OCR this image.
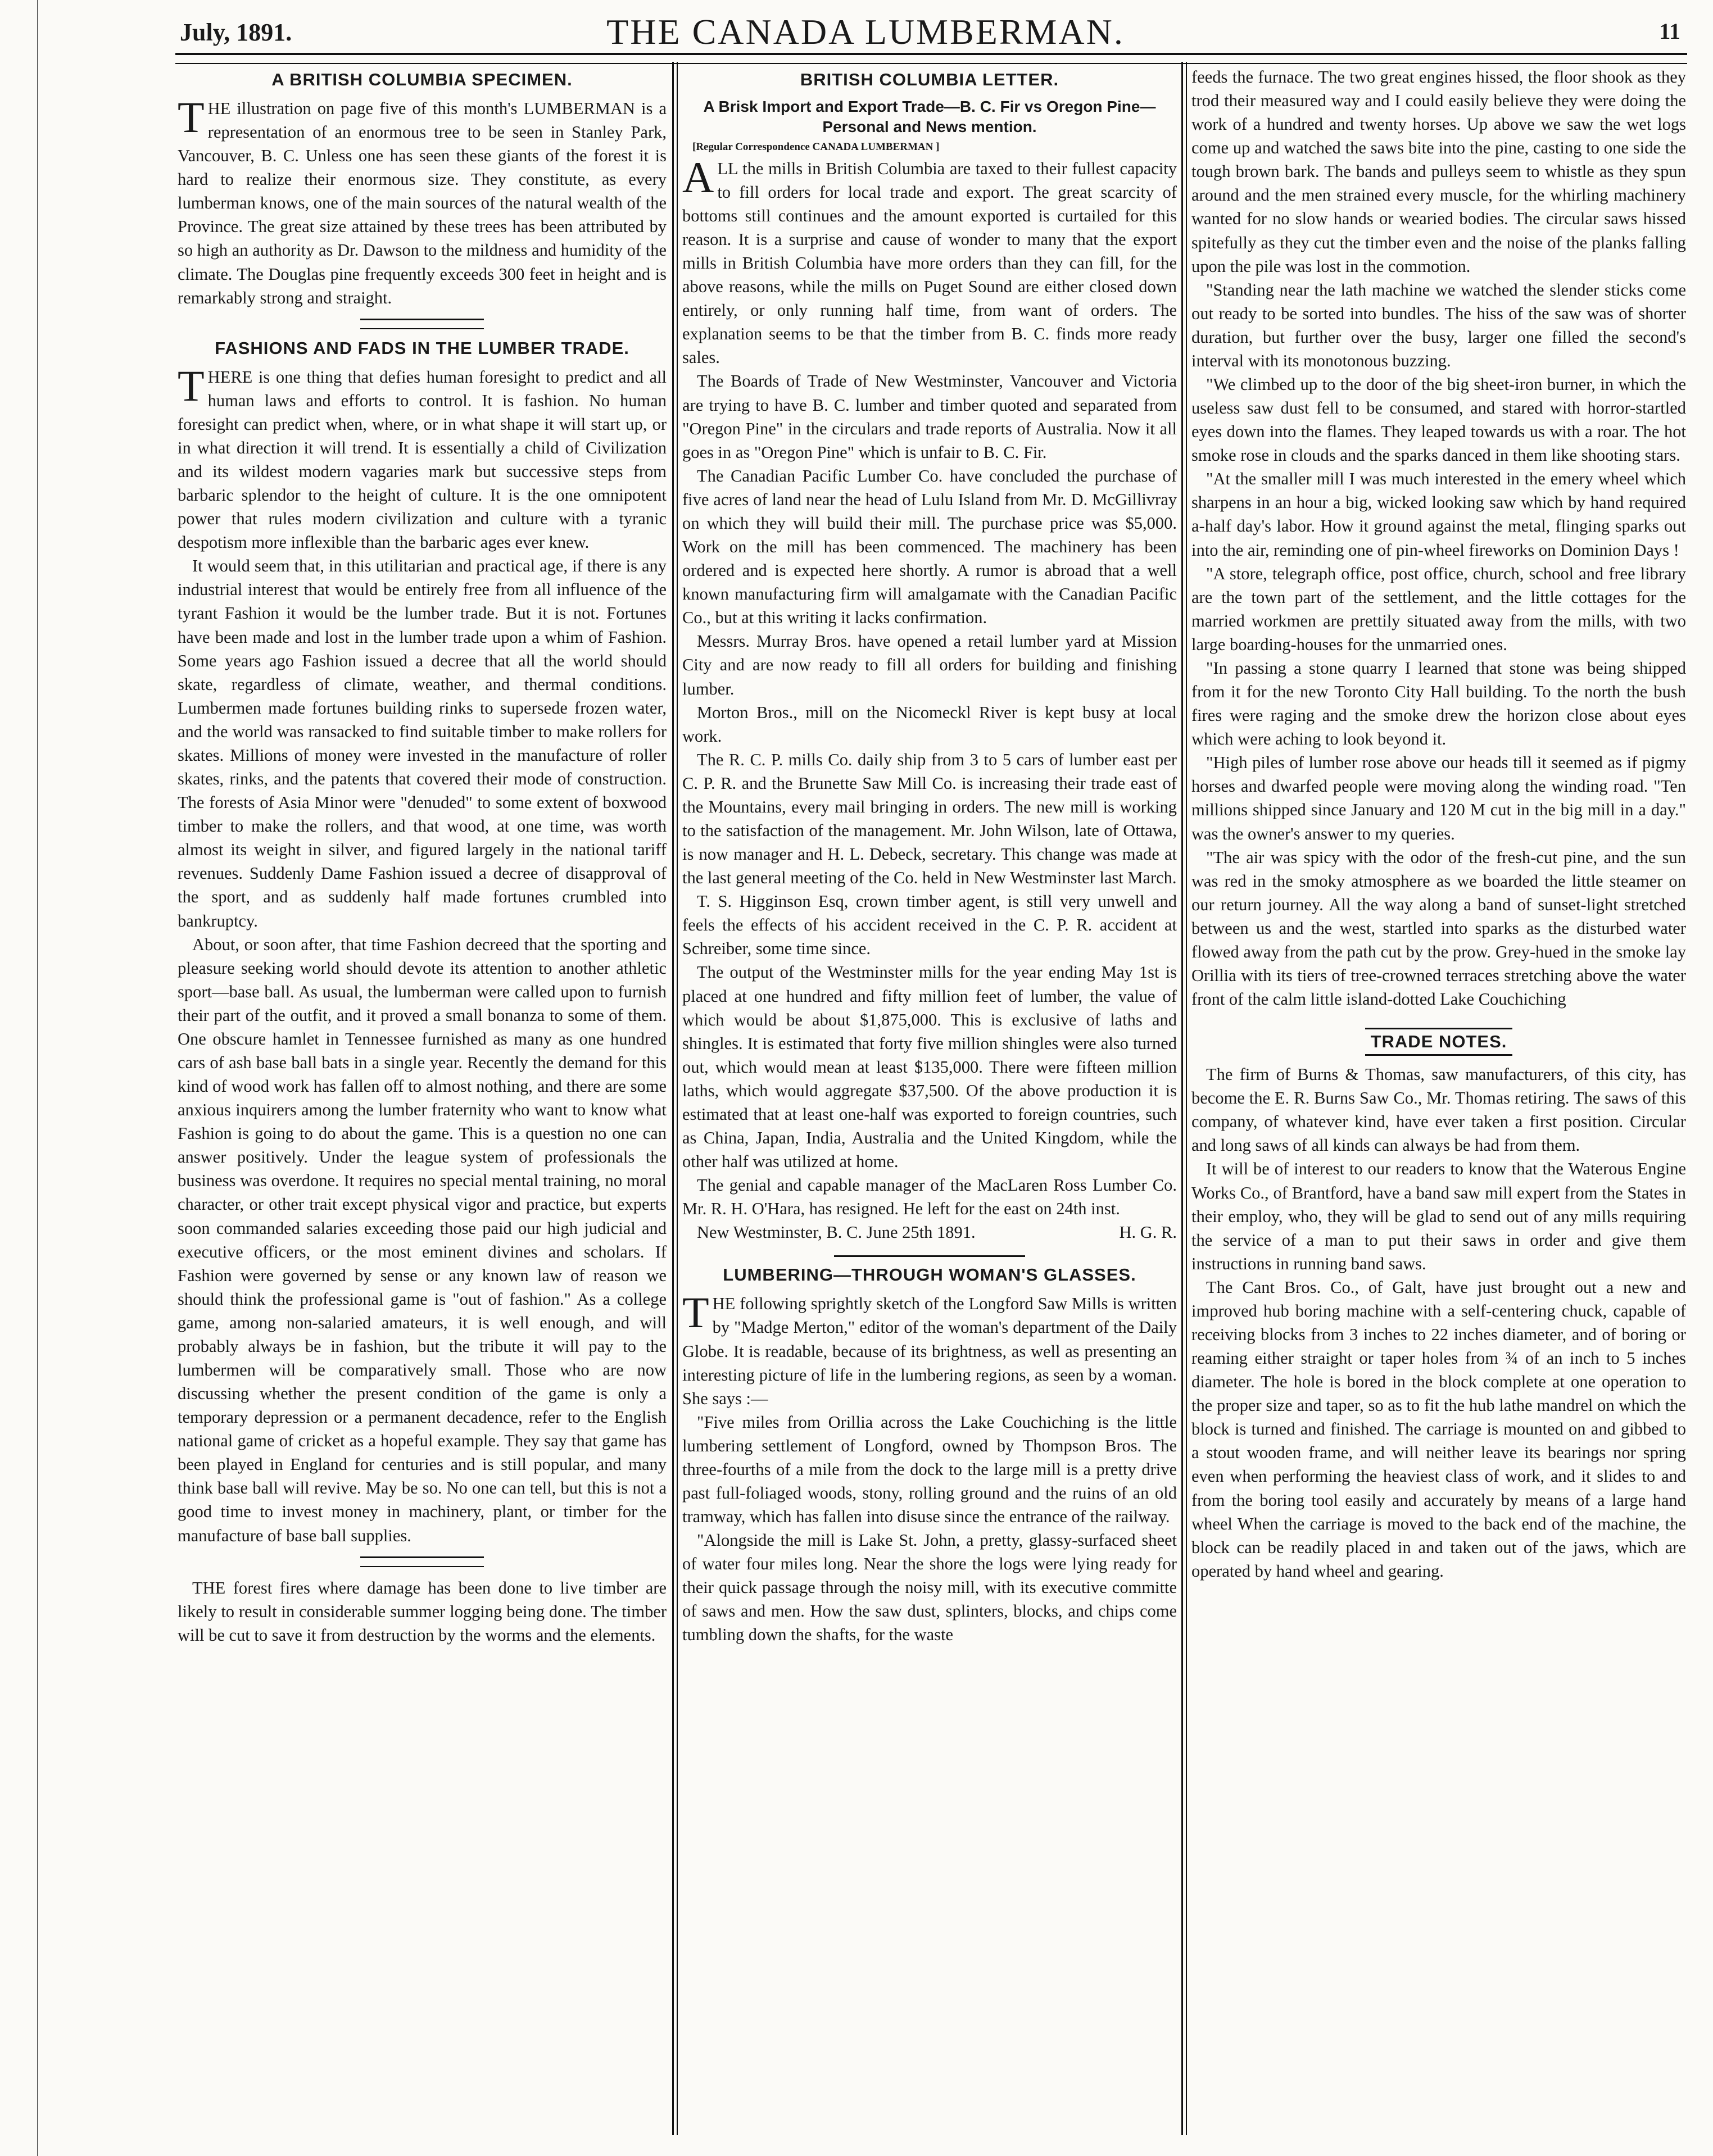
July, 1891.	THE CANADA LUMBERMAN.	11
A BRITISH COLUMBIA SPECIMEN.

THE illustration on page five of this month's LUMBERMAN is a representation of an enormous tree to be seen in Stanley Park, Vancouver, B. C. Unless one has seen these giants of the forest it is hard to realize their enormous size. They constitute, as every lumberman knows, one of the main sources of the natural wealth of the Province. The great size attained by these trees has been attributed by so high an authority as Dr. Dawson to the mildness and humidity of the climate. The Douglas pine frequently exceeds 300 feet in height and is remarkably strong and straight.

FASHIONS AND FADS IN THE LUMBER TRADE.

THERE is one thing that defies human foresight to predict and all human laws and efforts to control. It is fashion. No human foresight can predict when, where, or in what shape it will start up, or in what direction it will trend. It is essentially a child of Civilization and its wildest modern vagaries mark but successive steps from barbaric splendor to the height of culture. It is the one omnipotent power that rules modern civilization and culture with a tyranic despotism more inflexible than the barbaric ages ever knew.

It would seem that, in this utilitarian and practical age, if there is any industrial interest that would be entirely free from all influence of the tyrant Fashion it would be the lumber trade. But it is not. Fortunes have been made and lost in the lumber trade upon a whim of Fashion. Some years ago Fashion issued a decree that all the world should skate, regardless of climate, weather, and thermal conditions. Lumbermen made fortunes building rinks to supersede frozen water, and the world was ransacked to find suitable timber to make rollers for skates. Millions of money were invested in the manufacture of roller skates, rinks, and the patents that covered their mode of construction. The forests of Asia Minor were "denuded" to some extent of boxwood timber to make the rollers, and that wood, at one time, was worth almost its weight in silver, and figured largely in the national tariff revenues. Suddenly Dame Fashion issued a decree of disapproval of the sport, and as suddenly half made fortunes crumbled into bankruptcy.

About, or soon after, that time Fashion decreed that the sporting and pleasure seeking world should devote its attention to another athletic sport—base ball. As usual, the lumberman were called upon to furnish their part of the outfit, and it proved a small bonanza to some of them. One obscure hamlet in Tennessee furnished as many as one hundred cars of ash base ball bats in a single year. Recently the demand for this kind of wood work has fallen off to almost nothing, and there are some anxious inquirers among the lumber fraternity who want to know what Fashion is going to do about the game. This is a question no one can answer positively. Under the league system of professionals the business was overdone. It requires no special mental training, no moral character, or other trait except physical vigor and practice, but experts soon commanded salaries exceeding those paid our high judicial and executive officers, or the most eminent divines and scholars. If Fashion were governed by sense or any known law of reason we should think the professional game is "out of fashion." As a college game, among non-salaried amateurs, it is well enough, and will probably always be in fashion, but the tribute it will pay to the lumbermen will be comparatively small. Those who are now discussing whether the present condition of the game is only a temporary depression or a permanent decadence, refer to the English national game of cricket as a hopeful example. They say that game has been played in England for centuries and is still popular, and many think base ball will revive. May be so. No one can tell, but this is not a good time to invest money in machinery, plant, or timber for the manufacture of base ball supplies.

THE forest fires where damage has been done to live timber are likely to result in considerable summer logging being done. The timber will be cut to save it from destruction by the worms and the elements.

BRITISH COLUMBIA LETTER.
A Brisk Import and Export Trade—B. C. Fir vs Oregon Pine—Personal and News mention.
[Regular Correspondence CANADA LUMBERMAN ]

ALL the mills in British Columbia are taxed to their fullest capacity to fill orders for local trade and export. The great scarcity of bottoms still continues and the amount exported is curtailed for this reason. It is a surprise and cause of wonder to many that the export mills in British Columbia have more orders than they can fill, for the above reasons, while the mills on Puget Sound are either closed down entirely, or only running half time, from want of orders. The explanation seems to be that the timber from B. C. finds more ready sales.

The Boards of Trade of New Westminster, Vancouver and Victoria are trying to have B. C. lumber and timber quoted and separated from "Oregon Pine" in the circulars and trade reports of Australia. Now it all goes in as "Oregon Pine" which is unfair to B. C. Fir.

The Canadian Pacific Lumber Co. have concluded the purchase of five acres of land near the head of Lulu Island from Mr. D. McGillivray on which they will build their mill. The purchase price was $5,000. Work on the mill has been commenced. The machinery has been ordered and is expected here shortly. A rumor is abroad that a well known manufacturing firm will amalgamate with the Canadian Pacific Co., but at this writing it lacks confirmation.

Messrs. Murray Bros. have opened a retail lumber yard at Mission City and are now ready to fill all orders for building and finishing lumber.

Morton Bros., mill on the Nicomeckl River is kept busy at local work.

The R. C. P. mills Co. daily ship from 3 to 5 cars of lumber east per C. P. R. and the Brunette Saw Mill Co. is increasing their trade east of the Mountains, every mail bringing in orders. The new mill is working to the satisfaction of the management. Mr. John Wilson, late of Ottawa, is now manager and H. L. Debeck, secretary. This change was made at the last general meeting of the Co. held in New Westminster last March.

T. S. Higginson Esq, crown timber agent, is still very unwell and feels the effects of his accident received in the C. P. R. accident at Schreiber, some time since.

The output of the Westminster mills for the year ending May 1st is placed at one hundred and fifty million feet of lumber, the value of which would be about $1,875,000. This is exclusive of laths and shingles. It is estimated that forty five million shingles were also turned out, which would mean at least $135,000. There were fifteen million laths, which would aggregate $37,500. Of the above production it is estimated that at least one-half was exported to foreign countries, such as China, Japan, India, Australia and the United Kingdom, while the other half was utilized at home.

The genial and capable manager of the MacLaren Ross Lumber Co. Mr. R. H. O'Hara, has resigned. He left for the east on 24th inst.
H. G. R.

New Westminster, B. C. June 25th 1891.

LUMBERING—THROUGH WOMAN'S GLASSES.

THE following sprightly sketch of the Longford Saw Mills is written by "Madge Merton," editor of the woman's department of the Daily Globe. It is readable, because of its brightness, as well as presenting an interesting picture of life in the lumbering regions, as seen by a woman. She says :—

"Five miles from Orillia across the Lake Couchiching is the little lumbering settlement of Longford, owned by Thompson Bros. The three-fourths of a mile from the dock to the large mill is a pretty drive past full-foliaged woods, stony, rolling ground and the ruins of an old tramway, which has fallen into disuse since the entrance of the railway.

"Alongside the mill is Lake St. John, a pretty, glassy-surfaced sheet of water four miles long. Near the shore the logs were lying ready for their quick passage through the noisy mill, with its executive committe of saws and men. How the saw dust, splinters, blocks, and chips come tumbling down the shafts, for the waste

feeds the furnace. The two great engines hissed, the floor shook as they trod their measured way and I could easily believe they were doing the work of a hundred and twenty horses. Up above we saw the wet logs come up and watched the saws bite into the pine, casting to one side the tough brown bark. The bands and pulleys seem to whistle as they spun around and the men strained every muscle, for the whirling machinery wanted for no slow hands or wearied bodies. The circular saws hissed spitefully as they cut the timber even and the noise of the planks falling upon the pile was lost in the commotion.

"Standing near the lath machine we watched the slender sticks come out ready to be sorted into bundles. The hiss of the saw was of shorter duration, but further over the busy, larger one filled the second's interval with its monotonous buzzing.

"We climbed up to the door of the big sheet-iron burner, in which the useless saw dust fell to be consumed, and stared with horror-startled eyes down into the flames. They leaped towards us with a roar. The hot smoke rose in clouds and the sparks danced in them like shooting stars.

"At the smaller mill I was much interested in the emery wheel which sharpens in an hour a big, wicked looking saw which by hand required a-half day's labor. How it ground against the metal, flinging sparks out into the air, reminding one of pin-wheel fireworks on Dominion Days !

"A store, telegraph office, post office, church, school and free library are the town part of the settlement, and the little cottages for the married workmen are prettily situated away from the mills, with two large boarding-houses for the unmarried ones.

"In passing a stone quarry I learned that stone was being shipped from it for the new Toronto City Hall building. To the north the bush fires were raging and the smoke drew the horizon close about eyes which were aching to look beyond it.

"High piles of lumber rose above our heads till it seemed as if pigmy horses and dwarfed people were moving along the winding road. "Ten millions shipped since January and 120 M cut in the big mill in a day." was the owner's answer to my queries.

"The air was spicy with the odor of the fresh-cut pine, and the sun was red in the smoky atmosphere as we boarded the little steamer on our return journey. All the way along a band of sunset-light stretched between us and the west, startled into sparks as the disturbed water flowed away from the path cut by the prow. Grey-hued in the smoke lay Orillia with its tiers of tree-crowned terraces stretching above the water front of the calm little island-dotted Lake Couchiching

TRADE NOTES.

The firm of Burns & Thomas, saw manufacturers, of this city, has become the E. R. Burns Saw Co., Mr. Thomas retiring. The saws of this company, of whatever kind, have ever taken a first position. Circular and long saws of all kinds can always be had from them.

It will be of interest to our readers to know that the Waterous Engine Works Co., of Brantford, have a band saw mill expert from the States in their employ, who, they will be glad to send out of any mills requiring the service of a man to put their saws in order and give them instructions in running band saws.

The Cant Bros. Co., of Galt, have just brought out a new and improved hub boring machine with a self-centering chuck, capable of receiving blocks from 3 inches to 22 inches diameter, and of boring or reaming either straight or taper holes from ¾ of an inch to 5 inches diameter. The hole is bored in the block complete at one operation to the proper size and taper, so as to fit the hub lathe mandrel on which the block is turned and finished. The carriage is mounted on and gibbed to a stout wooden frame, and will neither leave its bearings nor spring even when performing the heaviest class of work, and it slides to and from the boring tool easily and accurately by means of a large hand wheel When the carriage is moved to the back end of the machine, the block can be readily placed in and taken out of the jaws, which are operated by hand wheel and gearing.
